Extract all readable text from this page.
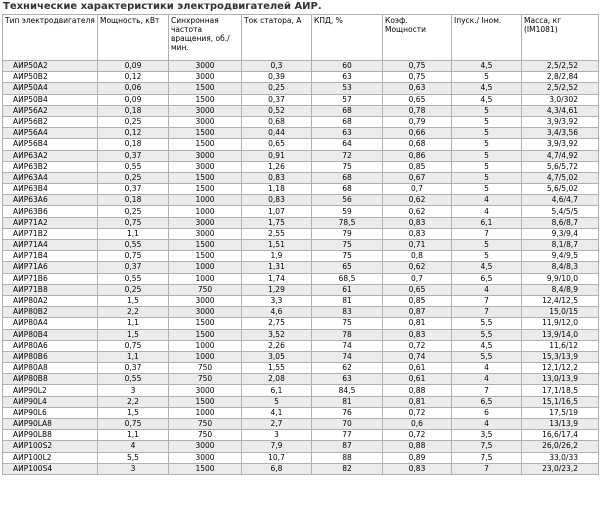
Технические характеристики электродвигателей АИР.
Тип электродвигателя	Мощность, кВт	Синхронная частота вращения, об./мин.	Ток статора, А	КПД, %	Коэф. Мощности	Iпуск./ Iном.	Масса, кг (IM1081)
АИР50А2	0,09	3000	0,3	60	0,75	4,5	2,5/2,52
АИР50В2	0,12	3000	0,39	63	0,75	5	2,8/2,84
АИР50А4	0,06	1500	0,25	53	0,63	4,5	2,5/2,52
АИР50В4	0,09	1500	0,37	57	0,65	4,5	3,0/302
АИР56А2	0,18	3000	0,52	68	0,78	5	4,3/4,61
АИР56В2	0,25	3000	0,68	68	0,79	5	3,9/3,92
АИР56А4	0,12	1500	0,44	63	0,66	5	3,4/3,56
АИР56В4	0,18	1500	0,65	64	0,68	5	3,9/3,92
АИР63А2	0,37	3000	0,91	72	0,86	5	4,7/4,92
АИР63В2	0,55	3000	1,26	75	0,85	5	5,6/5,72
АИР63А4	0,25	1500	0,83	68	0,67	5	4,7/5,02
АИР63В4	0,37	1500	1,18	68	0,7	5	5,6/5,02
АИР63А6	0,18	1000	0,83	56	0,62	4	4,6/4,7
АИР63В6	0,25	1000	1,07	59	0,62	4	5,4/5/5
АИР71А2	0,75	3000	1,75	78,5	0,83	6,1	8,6/8,7
АИР71В2	1,1	3000	2,55	79	0,83	7	9,3/9,4
АИР71А4	0,55	1500	1,51	75	0,71	5	8,1/8,7
АИР71В4	0,75	1500	1,9	75	0,8	5	9,4/9,5
АИР71А6	0,37	1000	1,31	65	0,62	4,5	8,4/8,3
АИР71В6	0,55	1000	1,74	68,5	0,7	6,5	9,9/10,0
АИР71В8	0,25	750	1,29	61	0,65	4	8,4/8,9
АИР80А2	1,5	3000	3,3	81	0,85	7	12,4/12,5
АИР80В2	2,2	3000	4,6	83	0,87	7	15,0/15
АИР80А4	1,1	1500	2,75	75	0,81	5,5	11,9/12,0
АИР80В4	1,5	1500	3,52	78	0,83	5,5	13,9/14,0
АИР80А6	0,75	1000	2,26	74	0,72	4,5	11,6/12
АИР80В6	1,1	1000	3,05	74	0,74	5,5	15,3/13,9
АИР80А8	0,37	750	1,55	62	0,61	4	12,1/12,2
АИР80В8	0,55	750	2,08	63	0,61	4	13,0/13,9
АИР90L2	3	3000	6,1	84,5	0,88	7	17,1/18,5
АИР90L4	2,2	1500	5	81	0,81	6,5	15,1/16,5
АИР90L6	1,5	1000	4,1	76	0,72	6	17,5/19
АИР90LА8	0,75	750	2,7	70	0,6	4	13/13,9
АИР90LВ8	1,1	750	3	77	0,72	3,5	16,6/17,4
АИР100S2	4	3000	7,9	87	0,88	7,5	26,0/26,2
АИР100L2	5,5	3000	10,7	88	0,89	7,5	33,0/33
АИР100S4	3	1500	6,8	82	0,83	7	23,0/23,2
